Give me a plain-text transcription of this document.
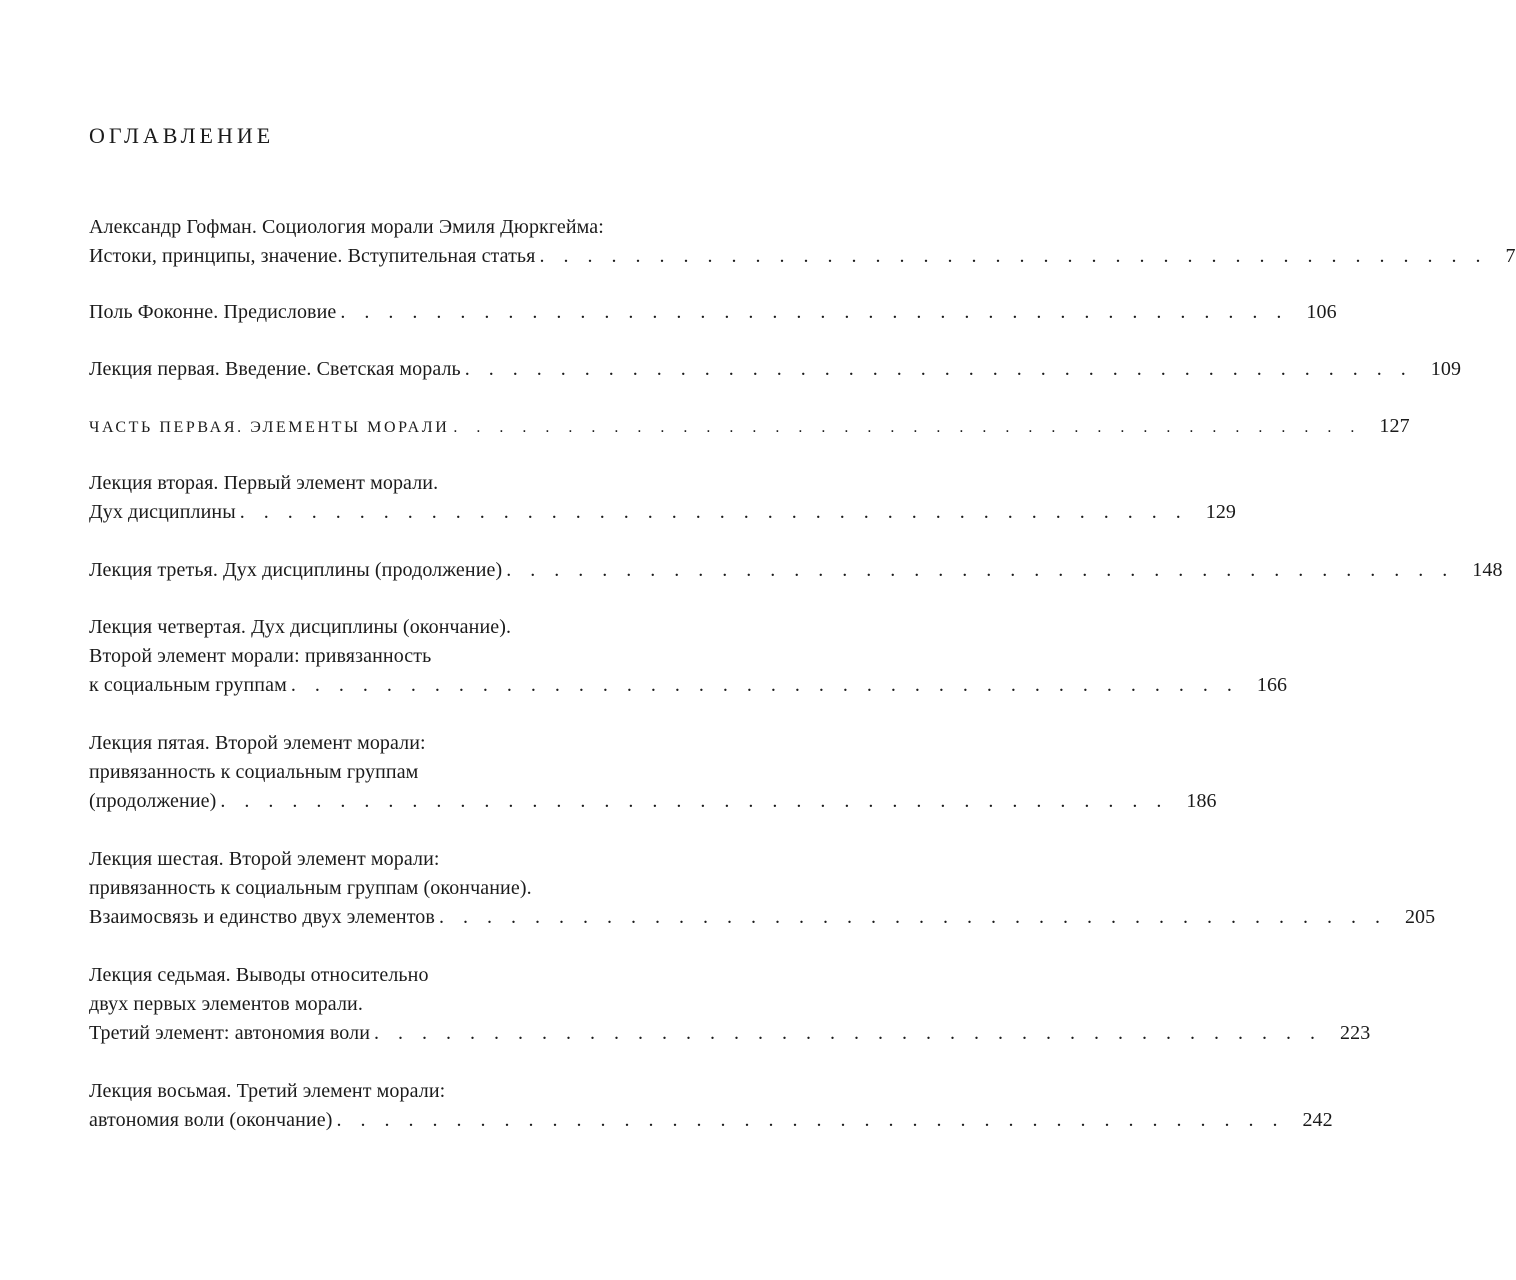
ОГЛАВЛЕНИЕ
Александр Гофман. Социология морали Эмиля Дюркгейма:
Истоки, принципы, значение. Вступительная статья ........................................ 7
Поль Фоконне. Предисловие ........................................ 106
Лекция первая. Введение. Светская мораль ........................................ 109
ЧАСТЬ ПЕРВАЯ. ЭЛЕМЕНТЫ МОРАЛИ ........................................ 127
Лекция вторая. Первый элемент морали.
Дух дисциплины ........................................ 129
Лекция третья. Дух дисциплины (продолжение) ........................................ 148
Лекция четвертая. Дух дисциплины (окончание).
Второй элемент морали: привязанность
к социальным группам ........................................ 166
Лекция пятая. Второй элемент морали:
привязанность к социальным группам
(продолжение) ........................................ 186
Лекция шестая. Второй элемент морали:
привязанность к социальным группам (окончание).
Взаимосвязь и единство двух элементов ........................................ 205
Лекция седьмая. Выводы относительно
двух первых элементов морали.
Третий элемент: автономия воли ........................................ 223
Лекция восьмая. Третий элемент морали:
автономия воли (окончание) ........................................ 242
